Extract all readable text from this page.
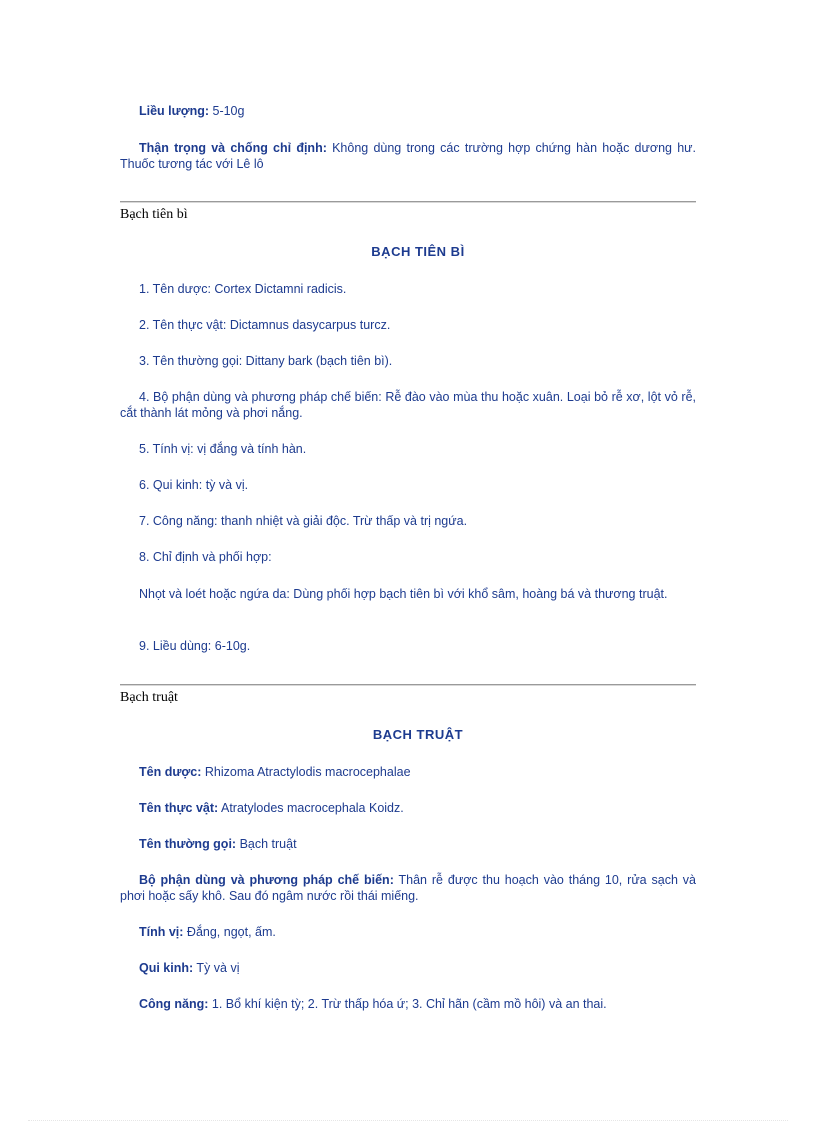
Liều lượng: 5-10g

Thận trọng và chống chỉ định: Không dùng trong các trường hợp chứng hàn hoặc dương hư. Thuốc tương tác với Lê lô

Bạch tiên bì

BẠCH TIÊN BÌ

1. Tên dược: Cortex Dictamni radicis.

2. Tên thực vật: Dictamnus dasycarpus turcz.

3. Tên thường gọi: Dittany bark (bạch tiên bì).

4. Bộ phận dùng và phương pháp chế biến: Rễ đào vào mùa thu hoặc xuân. Loại bỏ rễ xơ, lột vỏ rễ, cắt thành lát mỏng và phơi nắng.

5. Tính vị: vị đắng và tính hàn.

6. Qui kinh: tỳ và vị.

7. Công năng: thanh nhiệt và giải độc. Trừ thấp và trị ngứa.

8. Chỉ định và phối hợp:

Nhọt và loét hoặc ngứa da: Dùng phối hợp bạch tiên bì với khổ sâm, hoàng bá và thương truật.

9. Liều dùng: 6-10g.

Bạch truật

BẠCH TRUẬT

Tên dược: Rhizoma Atractylodis macrocephalae

Tên thực vật: Atratylodes macrocephala Koidz.

Tên thường gọi: Bạch truật

Bộ phận dùng và phương pháp chế biến: Thân rễ được thu hoạch vào tháng 10, rửa sạch và phơi hoặc sấy khô. Sau đó ngâm nước rồi thái miếng.

Tính vị: Đắng, ngọt, ấm.

Qui kinh: Tỳ và vị

Công năng: 1. Bổ khí kiện tỳ; 2. Trừ thấp hóa ứ; 3. Chỉ hãn (cầm mồ hôi) và an thai.
